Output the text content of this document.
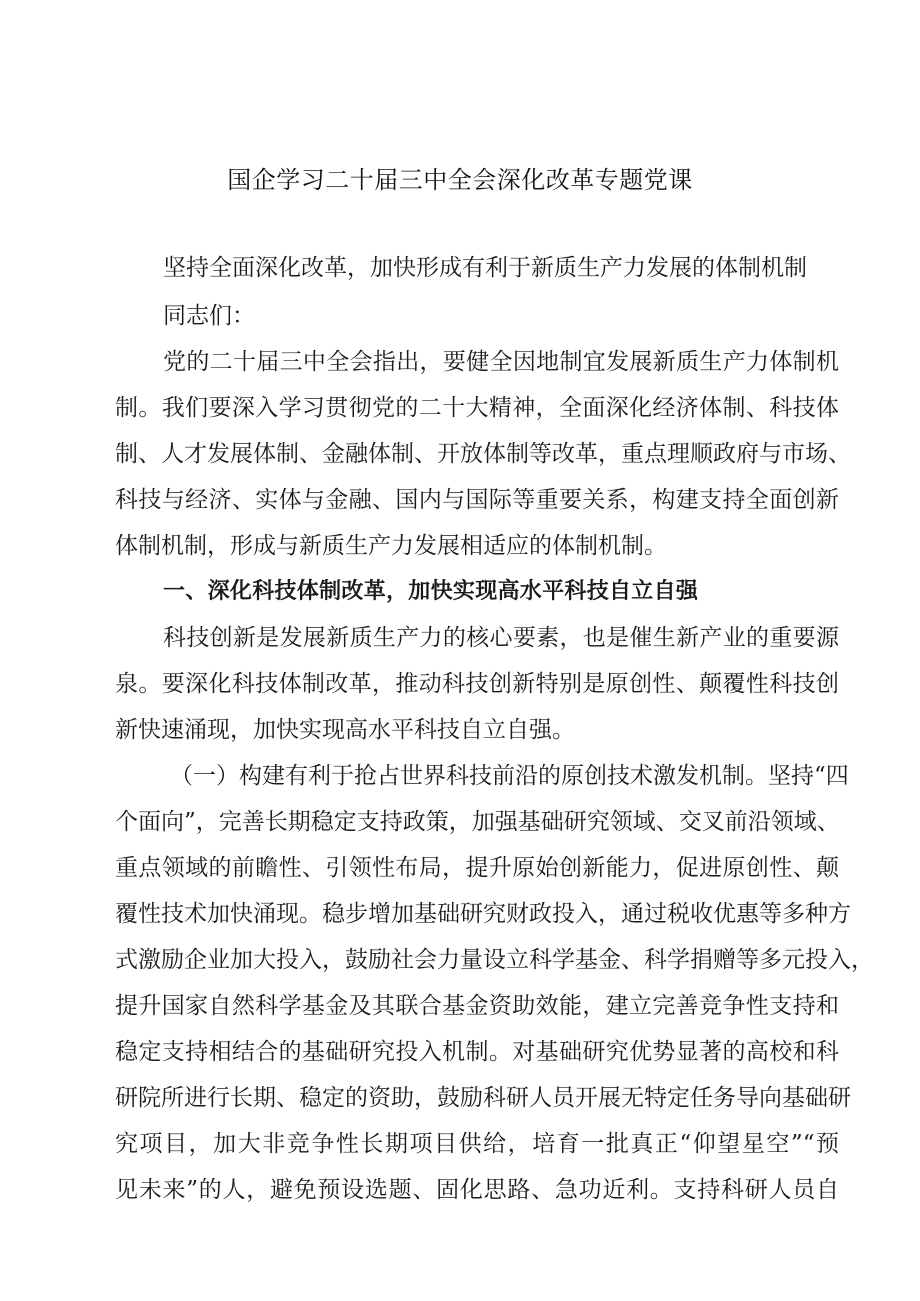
国企学习二十届三中全会深化改革专题党课
坚持全面深化改革，加快形成有利于新质生产力发展的体制机制
同志们：
党的二十届三中全会指出，要健全因地制宜发展新质生产力体制机
制。我们要深入学习贯彻党的二十大精神，全面深化经济体制、科技体
制、人才发展体制、金融体制、开放体制等改革，重点理顺政府与市场、
科技与经济、实体与金融、国内与国际等重要关系，构建支持全面创新
体制机制，形成与新质生产力发展相适应的体制机制。
一、深化科技体制改革，加快实现高水平科技自立自强
科技创新是发展新质生产力的核心要素，也是催生新产业的重要源
泉。要深化科技体制改革，推动科技创新特别是原创性、颠覆性科技创
新快速涌现，加快实现高水平科技自立自强。
（一）构建有利于抢占世界科技前沿的原创技术激发机制。坚持“四
个面向”，完善长期稳定支持政策，加强基础研究领域、交叉前沿领域、
重点领域的前瞻性、引领性布局，提升原始创新能力，促进原创性、颠
覆性技术加快涌现。稳步增加基础研究财政投入，通过税收优惠等多种方
式激励企业加大投入，鼓励社会力量设立科学基金、科学捐赠等多元投入，
提升国家自然科学基金及其联合基金资助效能，建立完善竞争性支持和
稳定支持相结合的基础研究投入机制。对基础研究优势显著的高校和科
研院所进行长期、稳定的资助，鼓励科研人员开展无特定任务导向基础研
究项目，加大非竞争性长期项目供给，培育一批真正“仰望星空”“预
见未来”的人，避免预设选题、固化思路、急功近利。支持科研人员自
